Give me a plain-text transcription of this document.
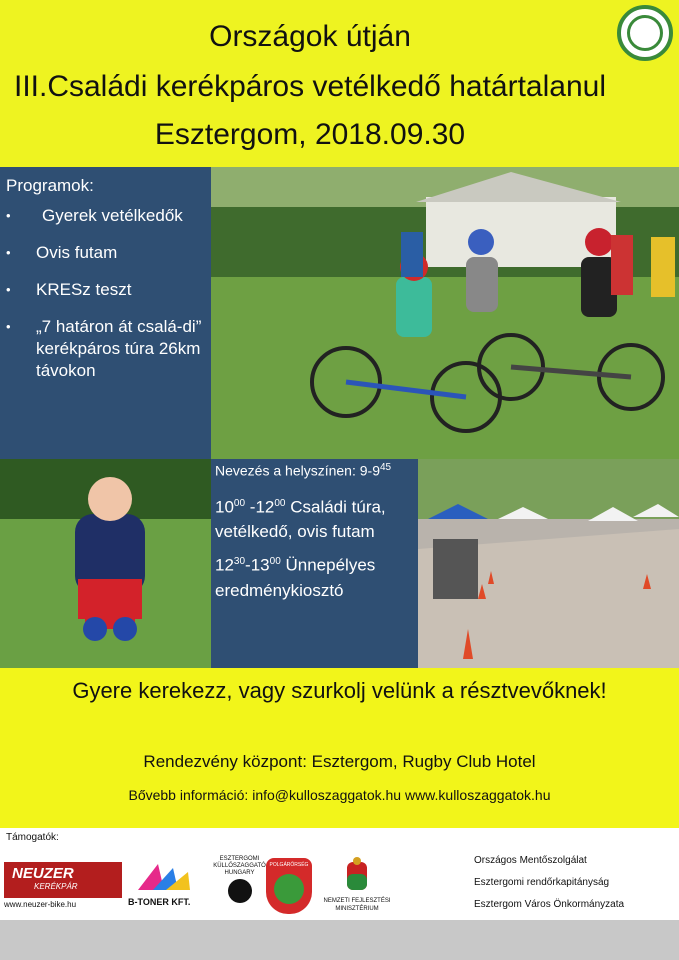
Országok útján
III.Családi kerékpáros vetélkedő határtalanul
Esztergom, 2018.09.30
Programok:
• Gyerek vetélkedők
• Ovis futam
• KRESz teszt
• „7 határon át csalá-di” kerékpáros túra 26km távokon
Nevezés a helyszínen: $9-9^{45}$
$10^{00}$ $-12^{00}$ Családi túra, vetélkedő, ovis futam
$12^{30}-13^{00}$ Ünnepélyes eredménykiosztó
Gyere kerekezz, vagy szurkolj velünk a résztvevőknek!
Rendezvény központ: Esztergom, Rugby Club Hotel
Bővebb információ: info@kulloszaggatok.hu www.kulloszaggatok.hu
Támogatók:
NEUZER
KERÉKPÁR
www.neuzer-bike.hu	B-TONER KFT.
ESZTERGOMI KÜLLŐSZAGGATÓ HUNGARY
POLGÁRŐRSÉG
NEMZETI FEJLESZTÉSI MINISZTÉRIUM
Országos Mentőszolgálat
Esztergomi rendőrkapitányság
Esztergom Város Önkormányzata
